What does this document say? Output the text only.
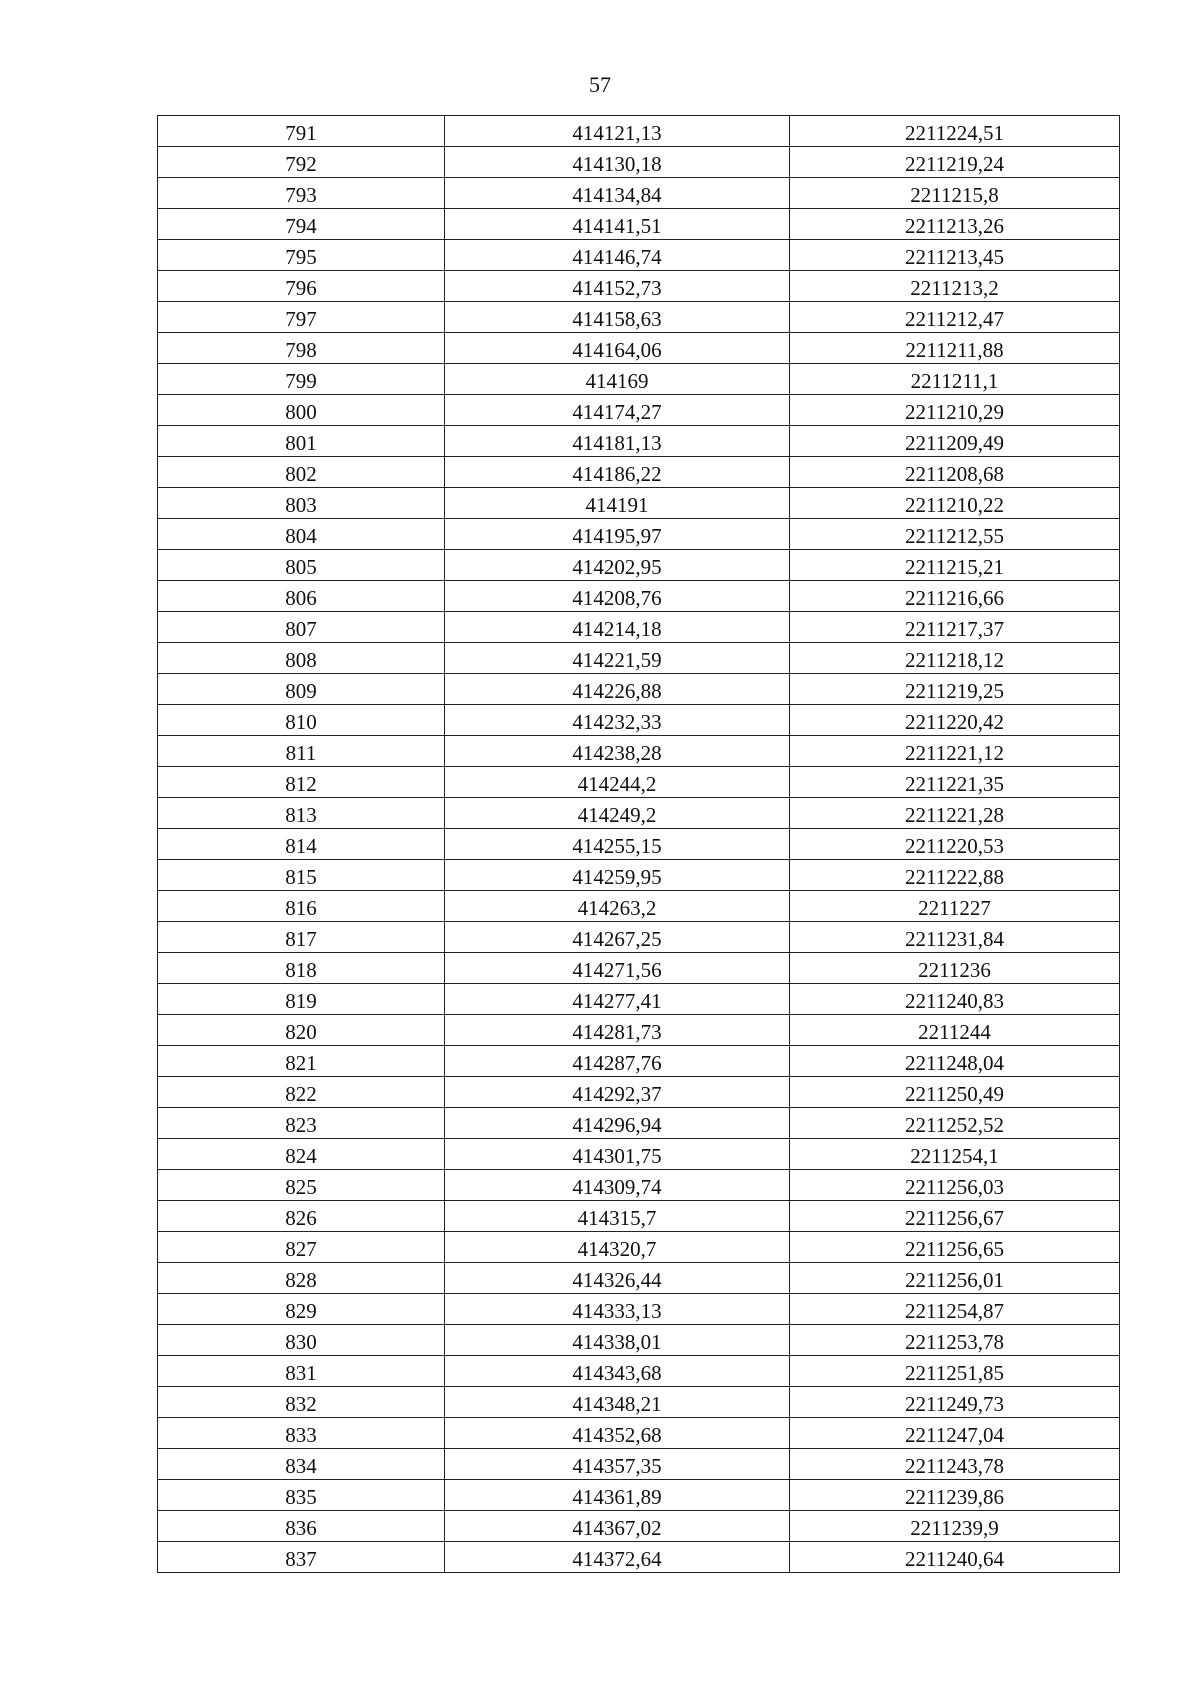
57
791	414121,13	2211224,51
792	414130,18	2211219,24
793	414134,84	2211215,8
794	414141,51	2211213,26
795	414146,74	2211213,45
796	414152,73	2211213,2
797	414158,63	2211212,47
798	414164,06	2211211,88
799	414169	2211211,1
800	414174,27	2211210,29
801	414181,13	2211209,49
802	414186,22	2211208,68
803	414191	2211210,22
804	414195,97	2211212,55
805	414202,95	2211215,21
806	414208,76	2211216,66
807	414214,18	2211217,37
808	414221,59	2211218,12
809	414226,88	2211219,25
810	414232,33	2211220,42
811	414238,28	2211221,12
812	414244,2	2211221,35
813	414249,2	2211221,28
814	414255,15	2211220,53
815	414259,95	2211222,88
816	414263,2	2211227
817	414267,25	2211231,84
818	414271,56	2211236
819	414277,41	2211240,83
820	414281,73	2211244
821	414287,76	2211248,04
822	414292,37	2211250,49
823	414296,94	2211252,52
824	414301,75	2211254,1
825	414309,74	2211256,03
826	414315,7	2211256,67
827	414320,7	2211256,65
828	414326,44	2211256,01
829	414333,13	2211254,87
830	414338,01	2211253,78
831	414343,68	2211251,85
832	414348,21	2211249,73
833	414352,68	2211247,04
834	414357,35	2211243,78
835	414361,89	2211239,86
836	414367,02	2211239,9
837	414372,64	2211240,64
